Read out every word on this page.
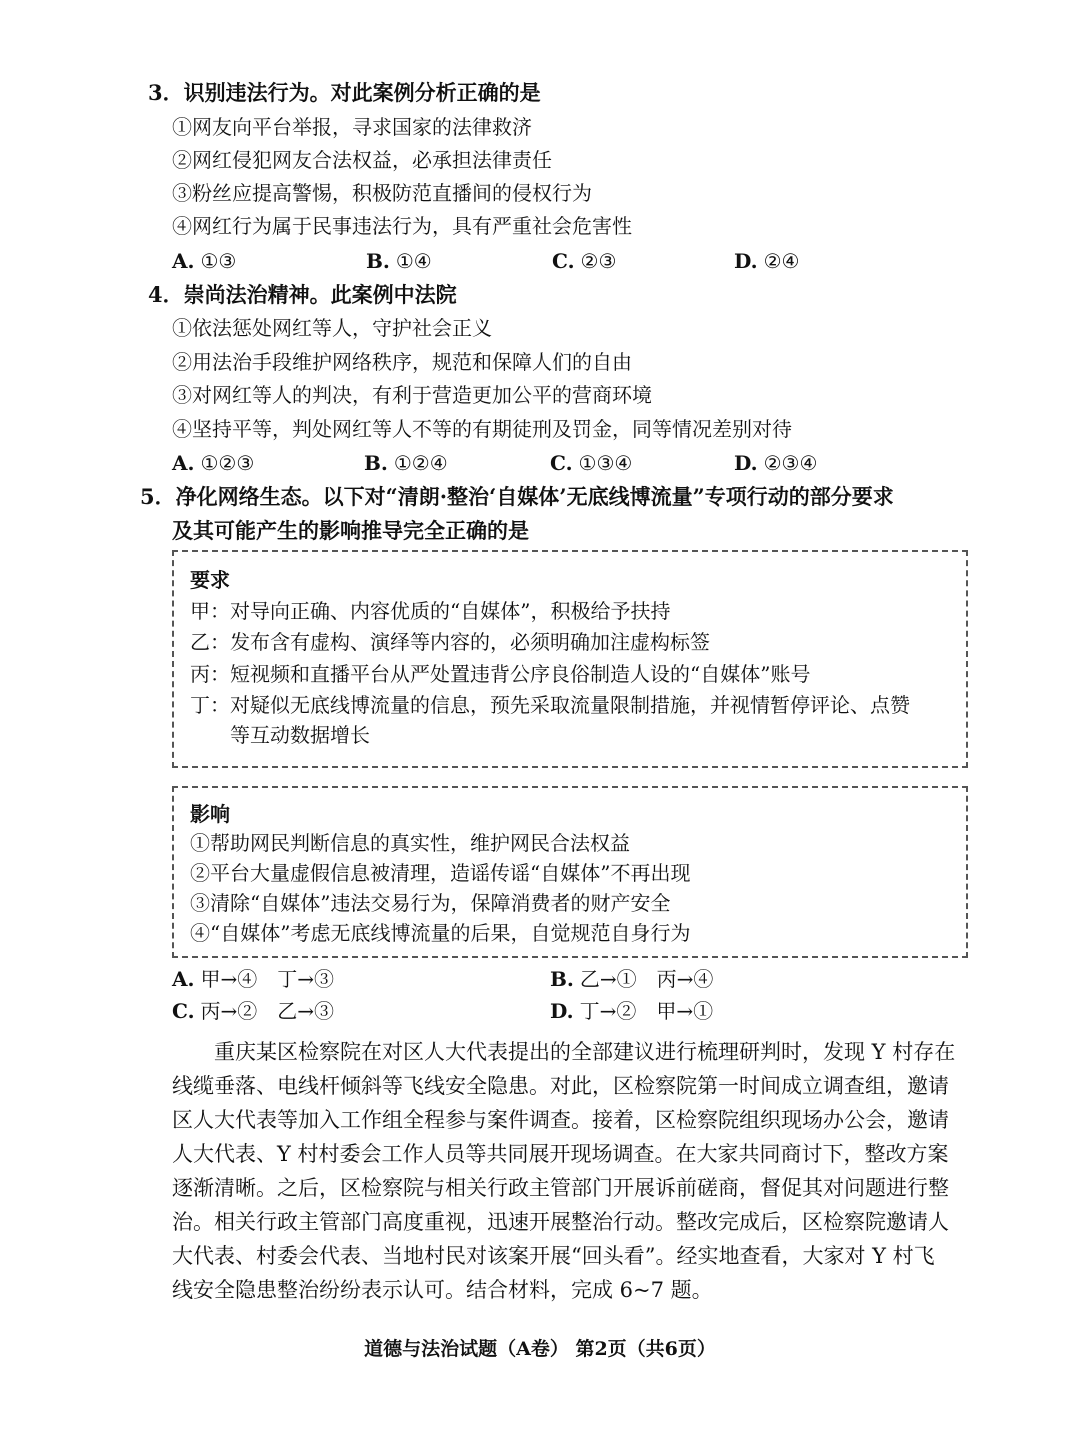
3．识别违法行为。对此案例分析正确的是
①网友向平台举报，寻求国家的法律救济
②网红侵犯网友合法权益，必承担法律责任
③粉丝应提高警惕，积极防范直播间的侵权行为
④网红行为属于民事违法行为，具有严重社会危害性
A. ①③	B. ①④	C. ②③	D. ②④
4．崇尚法治精神。此案例中法院
①依法惩处网红等人，守护社会正义
②用法治手段维护网络秩序，规范和保障人们的自由
③对网红等人的判决，有利于营造更加公平的营商环境
④坚持平等，判处网红等人不等的有期徒刑及罚金，同等情况差别对待
A. ①②③	B. ①②④	C. ①③④	D. ②③④
5．净化网络生态。以下对“清朗·整治‘自媒体’无底线博流量”专项行动的部分要求
及其可能产生的影响推导完全正确的是
要求
甲：对导向正确、内容优质的“自媒体”，积极给予扶持
乙：发布含有虚构、演绎等内容的，必须明确加注虚构标签
丙：短视频和直播平台从严处置违背公序良俗制造人设的“自媒体”账号
丁：对疑似无底线博流量的信息，预先采取流量限制措施，并视情暂停评论、点赞
等互动数据增长
影响
①帮助网民判断信息的真实性，维护网民合法权益
②平台大量虚假信息被清理，造谣传谣“自媒体”不再出现
③清除“自媒体”违法交易行为，保障消费者的财产安全
④“自媒体”考虑无底线博流量的后果，自觉规范自身行为
A. 甲→④　丁→③	B. 乙→①　丙→④
C. 丙→②　乙→③	D. 丁→②　甲→①
重庆某区检察院在对区人大代表提出的全部建议进行梳理研判时，发现 Y 村存在
线缆垂落、电线杆倾斜等飞线安全隐患。对此，区检察院第一时间成立调查组，邀请
区人大代表等加入工作组全程参与案件调查。接着，区检察院组织现场办公会，邀请
人大代表、Y 村村委会工作人员等共同展开现场调查。在大家共同商讨下，整改方案
逐渐清晰。之后，区检察院与相关行政主管部门开展诉前磋商，督促其对问题进行整
治。相关行政主管部门高度重视，迅速开展整治行动。整改完成后，区检察院邀请人
大代表、村委会代表、当地村民对该案开展“回头看”。经实地查看，大家对 Y 村飞
线安全隐患整治纷纷表示认可。结合材料，完成 6~7 题。
道德与法治试题（A卷） 第2页（共6页）
